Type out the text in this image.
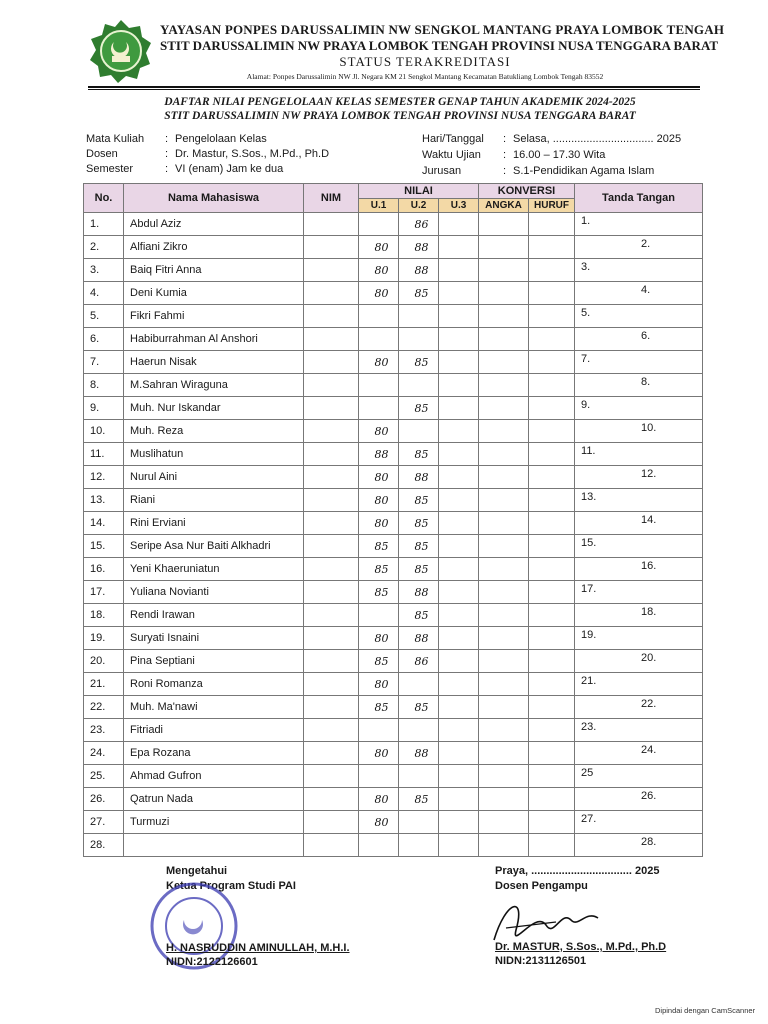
YAYASAN PONPES DARUSSALIMIN NW SENGKOL MANTANG PRAYA LOMBOK TENGAH
STIT DARUSSALIMIN NW PRAYA LOMBOK TENGAH PROVINSI NUSA TENGGARA BARAT
STATUS TERAKREDITASI
Alamat: Ponpes Darussalimin NW Jl. Negara KM 21 Sengkol Mantang Kecamatan Batukliang Lombok Tengah 83552
DAFTAR NILAI PENGELOLAAN KELAS SEMESTER GENAP TAHUN AKADEMIK 2024-2025
STIT DARUSSALIMIN NW PRAYA LOMBOK TENGAH PROVINSI NUSA TENGGARA BARAT
Mata Kuliah : Pengelolaan Kelas
Dosen	: Dr. Mastur, S.Sos., M.Pd., Ph.D
Semester	: VI (enam) Jam ke dua
Hari/Tanggal : Selasa, ................................. 2025
Waktu Ujian : 16.00 – 17.30 Wita
Jurusan	: S.1-Pendidikan Agama Islam
No.	Nama Mahasiswa	NIM	NILAI			KONVERSI		Tanda Tangan
			U.1	U.2	U.3	ANGKA	HURUF	
1.	Abdul Aziz			86				1.

2.	Alfiani Zikro		80	88				2.

3.	Baiq Fitri Anna		80	88				3.

4.	Deni Kumia		80	85				4.

5.	Fikri Fahmi							5.

6.	Habiburrahman Al Anshori							6.

7.	Haerun Nisak		80	85				7.

8.	M.Sahran Wiraguna							8.

9.	Muh. Nur Iskandar			85				9.

10.	Muh. Reza		80					10.

11.	Muslihatun		88	85				11.

12.	Nurul Aini		80	88				12.

13.	Riani		80	85				13.

14.	Rini Erviani		80	85				14.

15.	Seripe Asa Nur Baiti Alkhadri		85	85				15.

16.	Yeni Khaeruniatun		85	85				16.

17.	Yuliana Novianti		85	88				17.

18.	Rendi Irawan			85				18.

19.	Suryati Isnaini		80	88				19.

20.	Pina Septiani		85	86				20.

21.	Roni Romanza		80					21.

22.	Muh. Ma'nawi		85	85				22.

23.	Fitriadi							23.

24.	Epa Rozana		80	88				24.

25.	Ahmad Gufron							25

26.	Qatrun Nada		80	85				26.

27.	Turmuzi		80					27.

28.								28.
Mengetahui
Ketua Program Studi PAI
H. NASRUDDIN AMINULLAH, M.H.I.
NIDN:2122126601
Praya, ................................. 2025
Dosen Pengampu
Dr. MASTUR, S.Sos., M.Pd., Ph.D
NIDN:2131126501
Dipindai dengan CamScanner
